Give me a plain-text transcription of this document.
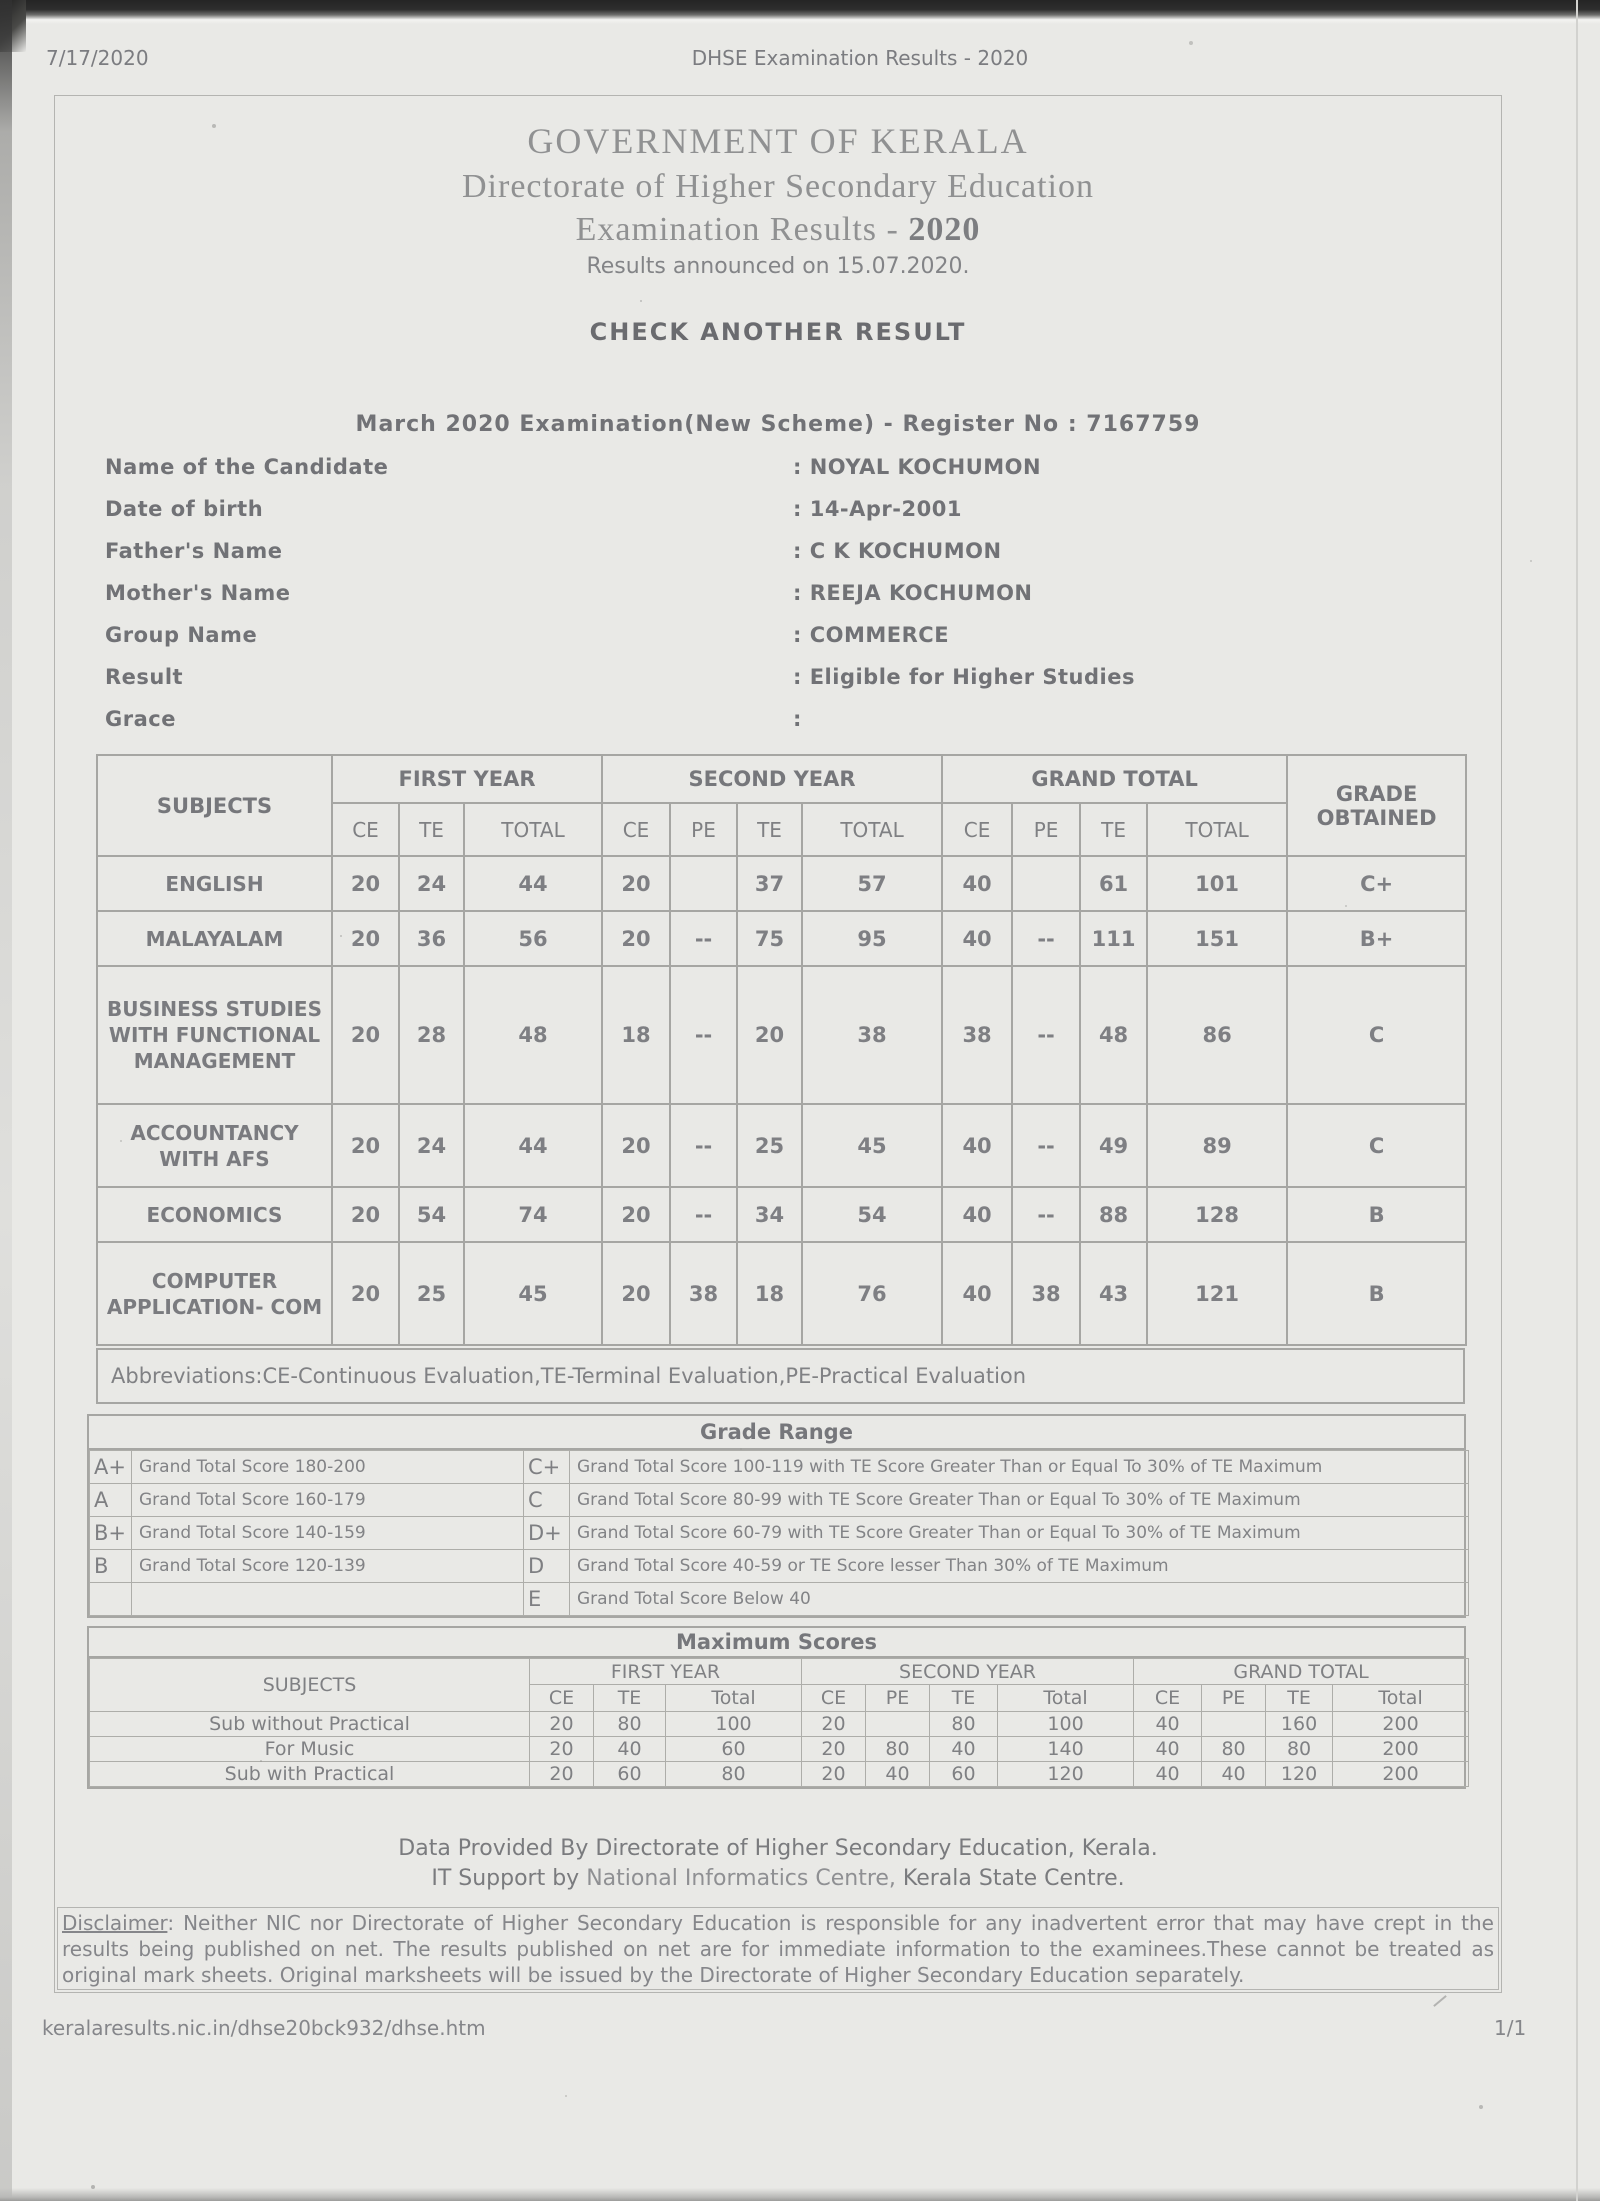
7/17/2020	DHSE Examination Results - 2020
GOVERNMENT OF KERALA
Directorate of Higher Secondary Education
Examination Results - 2020
Results announced on 15.07.2020.
CHECK ANOTHER RESULT
March 2020 Examination(New Scheme) - Register No : 7167759
Name of the Candidate	: NOYAL KOCHUMON
Date of birth	: 14-Apr-2001
Father's Name	: C K KOCHUMON
Mother's Name	: REEJA KOCHUMON
Group Name	: COMMERCE
Result	: Eligible for Higher Studies
Grace	:
SUBJECTS	FIRST YEAR			SECOND YEAR				GRAND TOTAL				GRADE OBTAINED
	CE	TE	TOTAL	CE	PE	TE	TOTAL	CE	PE	TE	TOTAL	
ENGLISH	20	24	44	20		37	57	40		61	101	C+
MALAYALAM	20	36	56	20	--	75	95	40	--	111	151	B+
BUSINESS STUDIES WITH FUNCTIONAL MANAGEMENT	20	28	48	18	--	20	38	38	--	48	86	C
ACCOUNTANCY WITH AFS	20	24	44	20	--	25	45	40	--	49	89	C
ECONOMICS	20	54	74	20	--	34	54	40	--	88	128	B
COMPUTER APPLICATION- COM	20	25	45	20	38	18	76	40	38	43	121	B
Abbreviations:CE-Continuous Evaluation,TE-Terminal Evaluation,PE-Practical Evaluation
Grade Range
A+	Grand Total Score 180-200	C+	Grand Total Score 100-119 with TE Score Greater Than or Equal To 30% of TE Maximum
A	Grand Total Score 160-179	C	Grand Total Score 80-99 with TE Score Greater Than or Equal To 30% of TE Maximum
B+	Grand Total Score 140-159	D+	Grand Total Score 60-79 with TE Score Greater Than or Equal To 30% of TE Maximum
B	Grand Total Score 120-139	D	Grand Total Score 40-59 or TE Score lesser Than 30% of TE Maximum
		E	Grand Total Score Below 40
Maximum Scores
SUBJECTS	FIRST YEAR			SECOND YEAR				GRAND TOTAL			
	CE	TE	Total	CE	PE	TE	Total	CE	PE	TE	Total
Sub without Practical	20	80	100	20		80	100	40		160	200
For Music	20	40	60	20	80	40	140	40	80	80	200
Sub with Practical	20	60	80	20	40	60	120	40	40	120	200
Data Provided By Directorate of Higher Secondary Education, Kerala.
IT Support by National Informatics Centre, Kerala State Centre.
Disclaimer: Neither NIC nor Directorate of Higher Secondary Education is responsible for any inadvertent error that may have crept in the results being published on net. The results published on net are for immediate information to the examinees.These cannot be treated as original mark sheets. Original marksheets will be issued by the Directorate of Higher Secondary Education separately.
keralaresults.nic.in/dhse20bck932/dhse.htm	1/1
